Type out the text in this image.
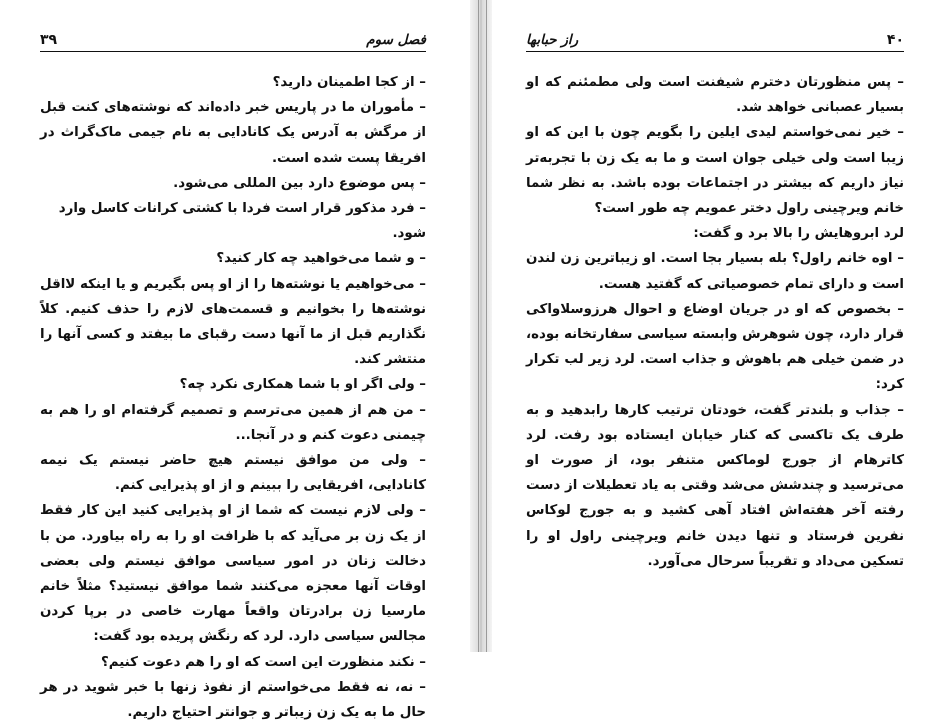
فصل سوم
۳۹

– از کجا اطمینان دارید؟

– مأموران ما در پاریس خبر داده‌اند که نوشته‌های کنت قبل از مرگش به آدرس یک کانادایی به نام جیمی ماک‌گراث در افریقا پست شده است.

– پس موضوع دارد بین المللی می‌شود.

– فرد مذکور قرار است فردا با کشتی کرانات کاسل وارد شود.

– و شما می‌خواهید چه کار کنید؟

– می‌خواهیم یا نوشته‌ها را از او پس بگیریم و یا اینکه لااقل نوشته‌ها را بخوانیم و قسمت‌های لازم را حذف کنیم. کلاً نگذاریم قبل از ما آنها دست رقبای ما بیفتد و کسی آنها را منتشر کند.

– ولی اگر او با شما همکاری نکرد چه؟

– من هم از همین می‌ترسم و تصمیم گرفته‌ام او را هم به چیمنی دعوت کنم و در آنجا...

– ولی من موافق نیستم هیچ حاضر نیستم یک نیمه کانادایی، افریقایی را ببینم و از او پذیرایی کنم.

– ولی لازم نیست که شما از او پذیرایی کنید این کار فقط از یک زن بر می‌آید که با ظرافت او را به راه بیاورد. من با دخالت زنان در امور سیاسی موافق نیستم ولی بعضی اوقات آنها معجزه می‌کنند شما موافق نیستید؟ مثلاً خانم مارسیا زن برادرتان واقعاً مهارت خاصی در برپا کردن مجالس سیاسی دارد. لرد که رنگش پریده بود گفت:

– نکند منظورت این است که او را هم دعوت کنیم؟

– نه، نه فقط می‌خواستم از نفوذ زنها با خبر شوید در هر حال ما به یک زن زیباتر و جوانتر احتیاج داریم.

۴۰
راز حبابها

– پس منظورتان دخترم شیفنت است ولی مطمئنم که او بسیار عصبانی خواهد شد.

– خیر نمی‌خواستم لیدی ایلین را بگویم چون با این که او زیبا است ولی خیلی جوان است و ما به یک زن با تجربه‌تر نیاز داریم که بیشتر در اجتماعات بوده باشد. به نظر شما خانم ویرچینی راول دختر عمویم چه طور است؟

لرد ابروهایش را بالا برد و گفت:

– اوه خانم راول؟ بله بسیار بجا است. او زیباترین زن لندن است و دارای تمام خصوصیاتی که گفتید هست.

– بخصوص که او در جریان اوضاع و احوال هرزوسلاواکی قرار دارد، چون شوهرش وابسته سیاسی سفارتخانه بوده، در ضمن خیلی هم باهوش و جذاب است. لرد زیر لب تکرار کرد:

– جذاب و بلندتر گفت، خودتان ترتیب کارها رابدهید و به طرف یک تاکسی که کنار خیابان ایستاده بود رفت. لرد کاترهام از جورج لوماکس متنفر بود، از صورت او می‌ترسید و چندشش می‌شد وقتی به یاد تعطیلات از دست رفته آخر هفته‌اش افتاد آهی کشید و به جورج لوکاس نفرین فرستاد و تنها دیدن خانم ویرچینی راول او را تسکین می‌داد و تقریباً سرحال می‌آورد.
